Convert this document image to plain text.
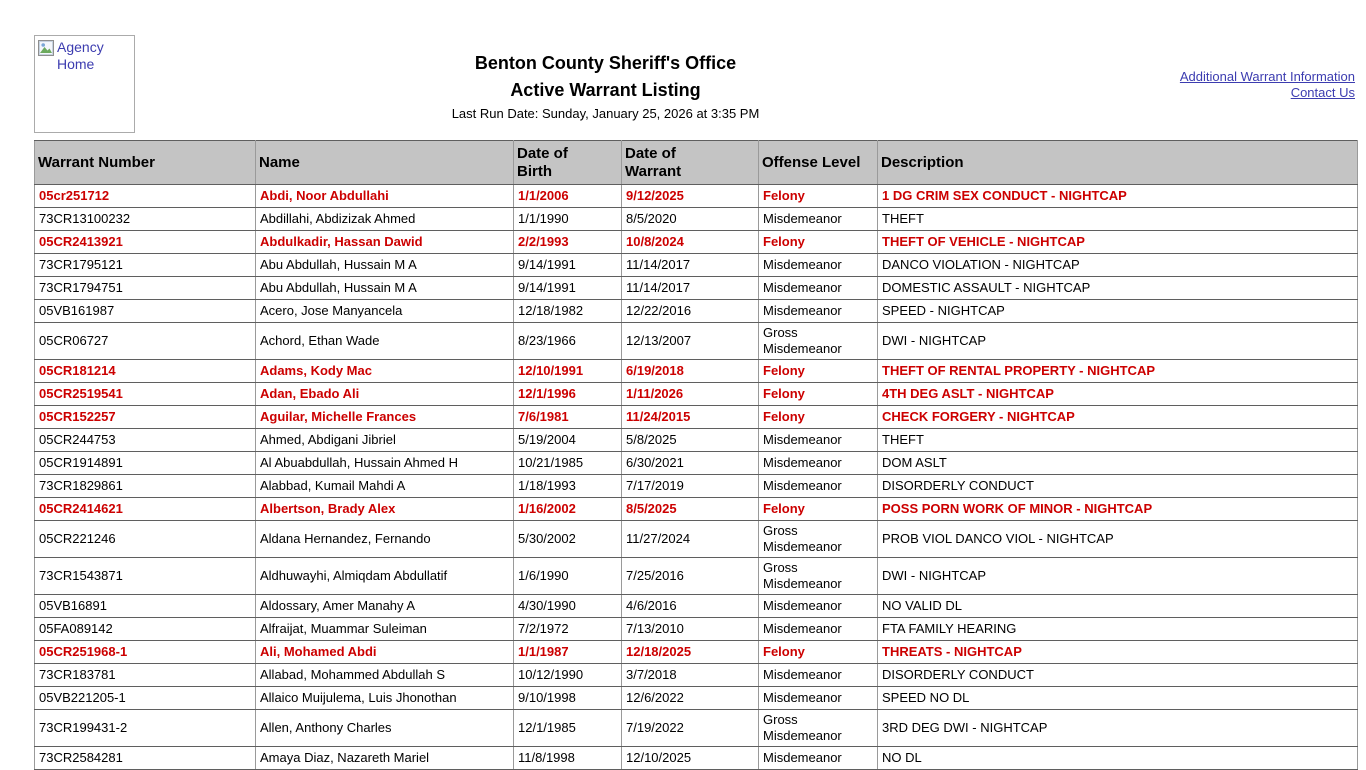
Agency Home	Benton County Sheriff's Office
Active Warrant Listing
Last Run Date: Sunday, January 25, 2026 at 3:35 PM
Additional Warrant Information
Contact Us
Warrant Number	Name	Date of Birth	Date of Warrant	Offense Level	Description
05cr251712	Abdi, Noor Abdullahi	1/1/2006	9/12/2025	Felony	1 DG CRIM SEX CONDUCT - NIGHTCAP
73CR13100232	Abdillahi, Abdizizak Ahmed	1/1/1990	8/5/2020	Misdemeanor	THEFT
05CR2413921	Abdulkadir, Hassan Dawid	2/2/1993	10/8/2024	Felony	THEFT OF VEHICLE - NIGHTCAP
73CR1795121	Abu Abdullah, Hussain M A	9/14/1991	11/14/2017	Misdemeanor	DANCO VIOLATION - NIGHTCAP
73CR1794751	Abu Abdullah, Hussain M A	9/14/1991	11/14/2017	Misdemeanor	DOMESTIC ASSAULT - NIGHTCAP
05VB161987	Acero, Jose Manyancela	12/18/1982	12/22/2016	Misdemeanor	SPEED - NIGHTCAP
05CR06727	Achord, Ethan Wade	8/23/1966	12/13/2007	Gross Misdemeanor	DWI - NIGHTCAP
05CR181214	Adams, Kody Mac	12/10/1991	6/19/2018	Felony	THEFT OF RENTAL PROPERTY - NIGHTCAP
05CR2519541	Adan, Ebado Ali	12/1/1996	1/11/2026	Felony	4TH DEG ASLT - NIGHTCAP
05CR152257	Aguilar, Michelle Frances	7/6/1981	11/24/2015	Felony	CHECK FORGERY - NIGHTCAP
05CR244753	Ahmed, Abdigani Jibriel	5/19/2004	5/8/2025	Misdemeanor	THEFT
05CR1914891	Al Abuabdullah, Hussain Ahmed H	10/21/1985	6/30/2021	Misdemeanor	DOM ASLT
73CR1829861	Alabbad, Kumail Mahdi A	1/18/1993	7/17/2019	Misdemeanor	DISORDERLY CONDUCT
05CR2414621	Albertson, Brady Alex	1/16/2002	8/5/2025	Felony	POSS PORN WORK OF MINOR - NIGHTCAP
05CR221246	Aldana Hernandez, Fernando	5/30/2002	11/27/2024	Gross Misdemeanor	PROB VIOL DANCO VIOL - NIGHTCAP
73CR1543871	Aldhuwayhi, Almiqdam Abdullatif	1/6/1990	7/25/2016	Gross Misdemeanor	DWI - NIGHTCAP
05VB16891	Aldossary, Amer Manahy A	4/30/1990	4/6/2016	Misdemeanor	NO VALID DL
05FA089142	Alfraijat, Muammar Suleiman	7/2/1972	7/13/2010	Misdemeanor	FTA FAMILY HEARING
05CR251968-1	Ali, Mohamed Abdi	1/1/1987	12/18/2025	Felony	THREATS - NIGHTCAP
73CR183781	Allabad, Mohammed Abdullah S	10/12/1990	3/7/2018	Misdemeanor	DISORDERLY CONDUCT
05VB221205-1	Allaico Muijulema, Luis Jhonothan	9/10/1998	12/6/2022	Misdemeanor	SPEED NO DL
73CR199431-2	Allen, Anthony Charles	12/1/1985	7/19/2022	Gross Misdemeanor	3RD DEG DWI - NIGHTCAP
73CR2584281	Amaya Diaz, Nazareth Mariel	11/8/1998	12/10/2025	Misdemeanor	NO DL
